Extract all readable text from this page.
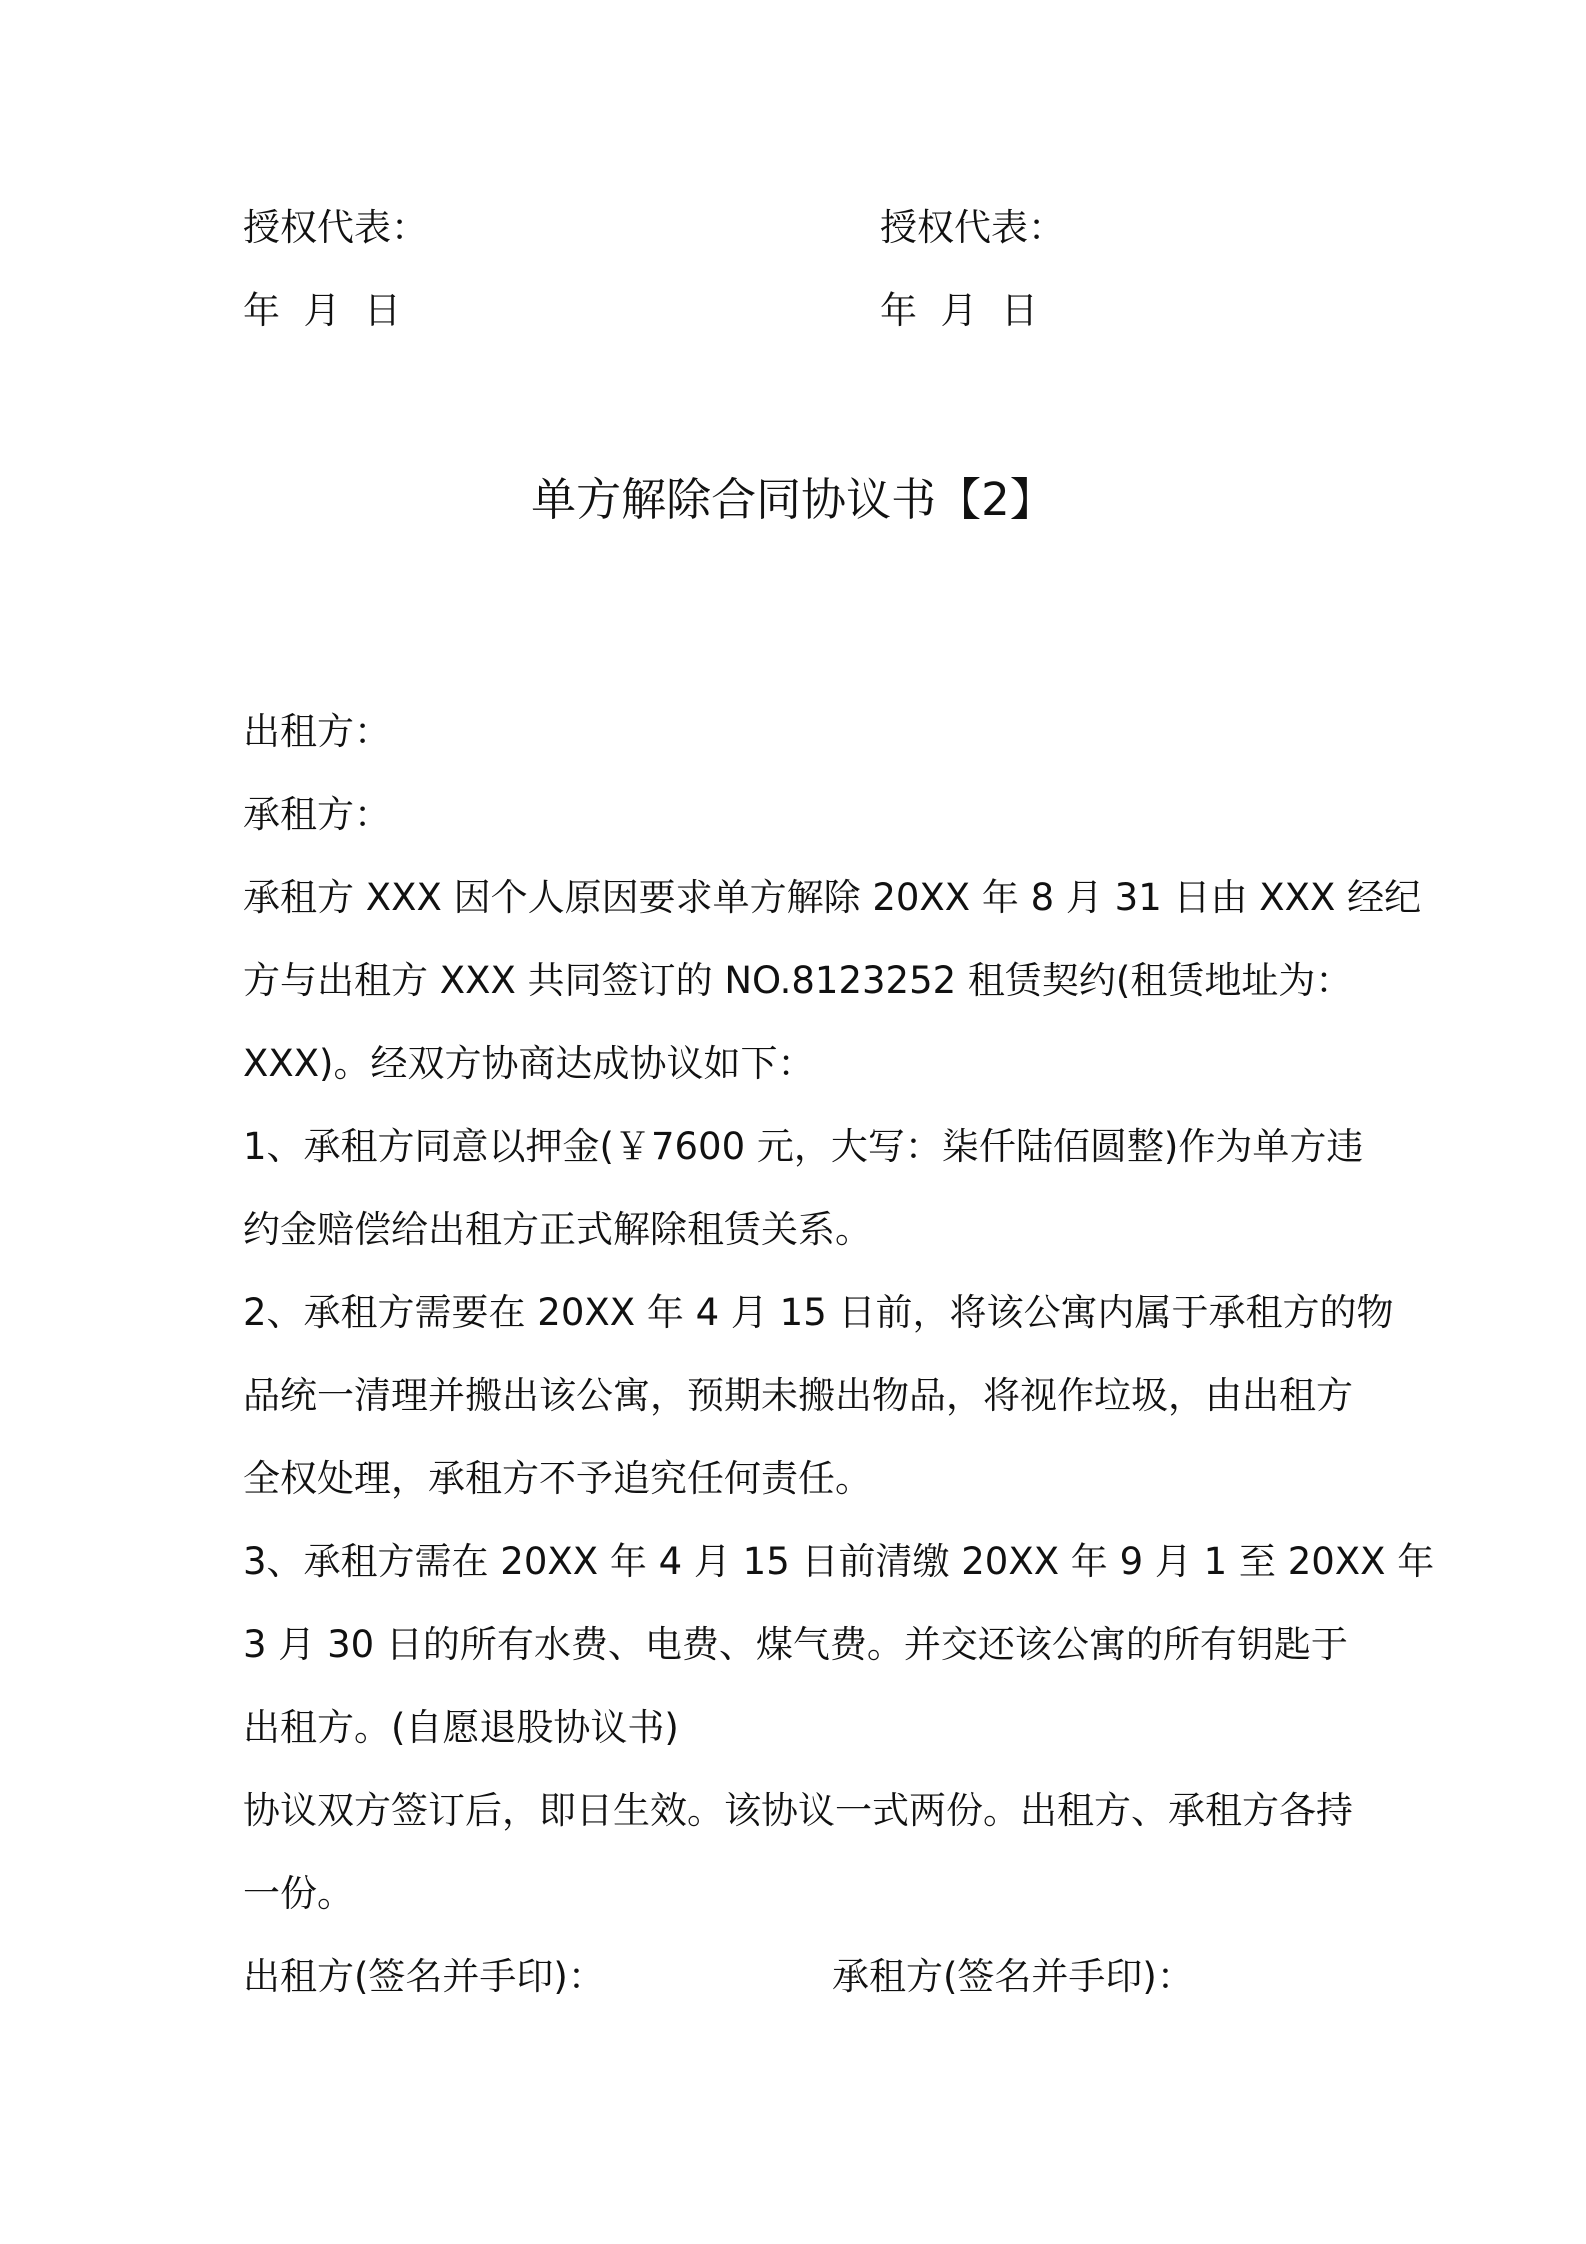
授权代表：	授权代表：
年  月  日	年  月  日
单方解除合同协议书【2】
出租方：
承租方：
承租方 XXX 因个人原因要求单方解除 20XX 年 8 月 31 日由 XXX 经纪
方与出租方 XXX 共同签订的 NO.8123252 租赁契约(租赁地址为：
XXX)。经双方协商达成协议如下：
1、承租方同意以押金(￥7600 元，大写：柒仟陆佰圆整)作为单方违
约金赔偿给出租方正式解除租赁关系。
2、承租方需要在 20XX 年 4 月 15 日前，将该公寓内属于承租方的物
品统一清理并搬出该公寓，预期未搬出物品，将视作垃圾，由出租方
全权处理，承租方不予追究任何责任。
3、承租方需在 20XX 年 4 月 15 日前清缴 20XX 年 9 月 1 至 20XX 年
3 月 30 日的所有水费、电费、煤气费。并交还该公寓的所有钥匙于
出租方。(自愿退股协议书)
协议双方签订后，即日生效。该协议一式两份。出租方、承租方各持
一份。
出租方(签名并手印)：	承租方(签名并手印)：
